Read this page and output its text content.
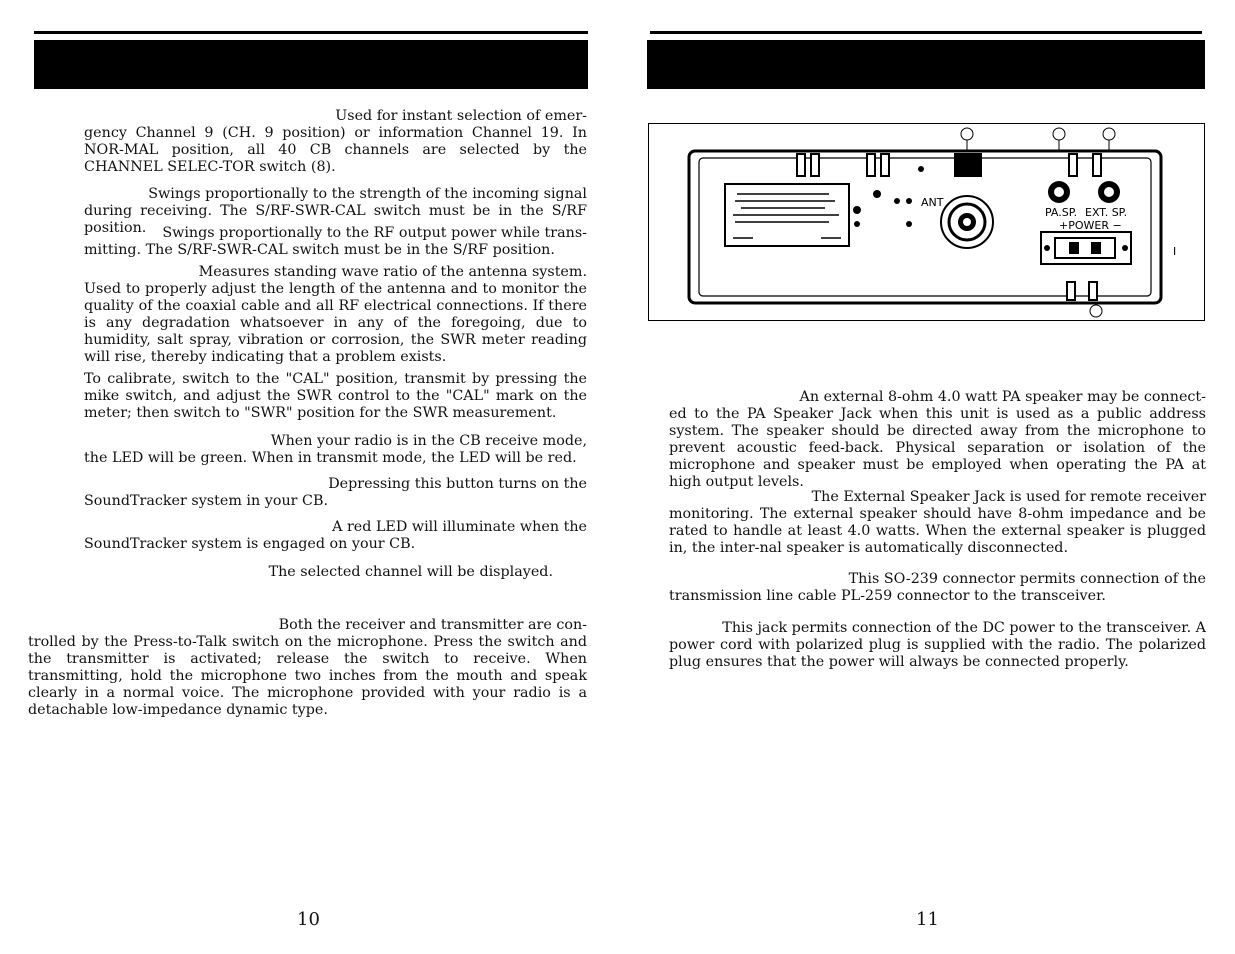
Used for instant selection of emer-

gency Channel 9 (CH. 9 position) or information Channel 19. In NOR-MAL position, all 40 CB channels are selected by the CHANNEL SELEC-TOR switch (8).

Swings proportionally to the strength of the incoming signal

during receiving. The S/RF-SWR-CAL switch must be in the S/RF position.	Swings proportionally to the RF output power while trans-

mitting. The S/RF-SWR-CAL switch must be in the S/RF position.

Measures standing wave ratio of the antenna system.

Used to properly adjust the length of the antenna and to monitor the quality of the coaxial cable and all RF electrical connections. If there is any degradation whatsoever in any of the foregoing, due to humidity, salt spray, vibration or corrosion, the SWR meter reading will rise, thereby indicating that a problem exists.

To calibrate, switch to the "CAL" position, transmit by pressing the mike switch, and adjust the SWR control to the "CAL" mark on the meter; then switch to "SWR" position for the SWR measurement.

When your radio is in the CB receive mode,

the LED will be green. When in transmit mode, the LED will be red.

Depressing this button turns on the

SoundTracker system in your CB.

A red LED will illuminate when the

SoundTracker system is engaged on your CB.

The selected channel will be displayed.

Both the receiver and transmitter are con-

trolled by the Press-to-Talk switch on the microphone. Press the switch and the transmitter is activated; release the switch to receive. When transmitting, hold the microphone two inches from the mouth and speak clearly in a normal voice. The microphone provided with your radio is a detachable low-impedance dynamic type.

10
ANT
PA.SP. EXT. SP.
+POWER −
I

An external 8-ohm 4.0 watt PA speaker may be connect-

ed to the PA Speaker Jack when this unit is used as a public address system. The speaker should be directed away from the microphone to prevent acoustic feed-back. Physical separation or isolation of the microphone and speaker must be employed when operating the PA at high output levels.

The External Speaker Jack is used for remote receiver

monitoring. The external speaker should have 8-ohm impedance and be rated to handle at least 4.0 watts. When the external speaker is plugged in, the inter-nal speaker is automatically disconnected.

This SO-239 connector permits connection of the

transmission line cable PL-259 connector to the transceiver.

This jack permits connection of the DC power to the transceiver. A

power cord with polarized plug is supplied with the radio. The polarized plug ensures that the power will always be connected properly.

11
